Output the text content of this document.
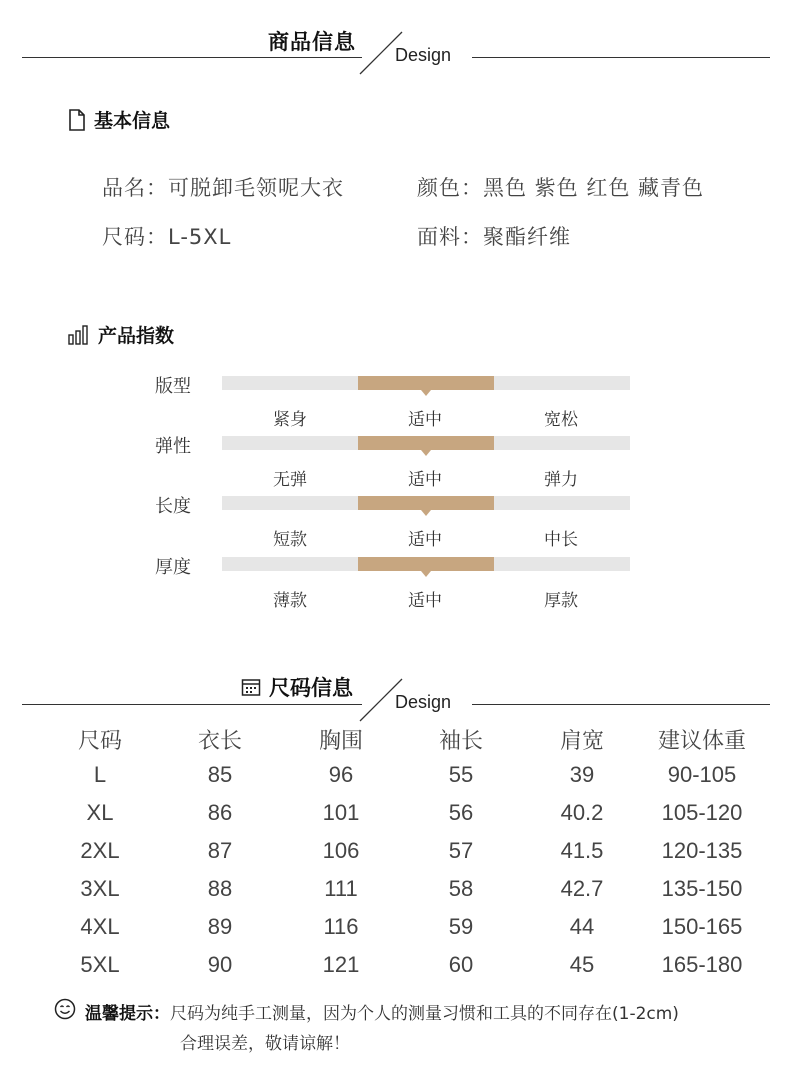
商品信息
Design
基本信息
品名：可脱卸毛领呢大衣	颜色：黑色 紫色 红色 藏青色
尺码：L-5XL	面料：聚酯纤维
产品指数
版型
紧身	适中	宽松
弹性
无弹	适中	弹力
长度
短款	适中	中长
厚度
薄款	适中	厚款
尺码信息
Design
尺码	衣长	胸围	袖长	肩宽	建议体重
L	85	96	55	39	90-105
XL	86	101	56	40.2	105-120
2XL	87	106	57	41.5	120-135
3XL	88	111	58	42.7	135-150
4XL	89	116	59	44	150-165
5XL	90	121	60	45	165-180
温馨提示：尺码为纯手工测量，因为个人的测量习惯和工具的不同存在(1-2cm)
合理误差，敬请谅解！
